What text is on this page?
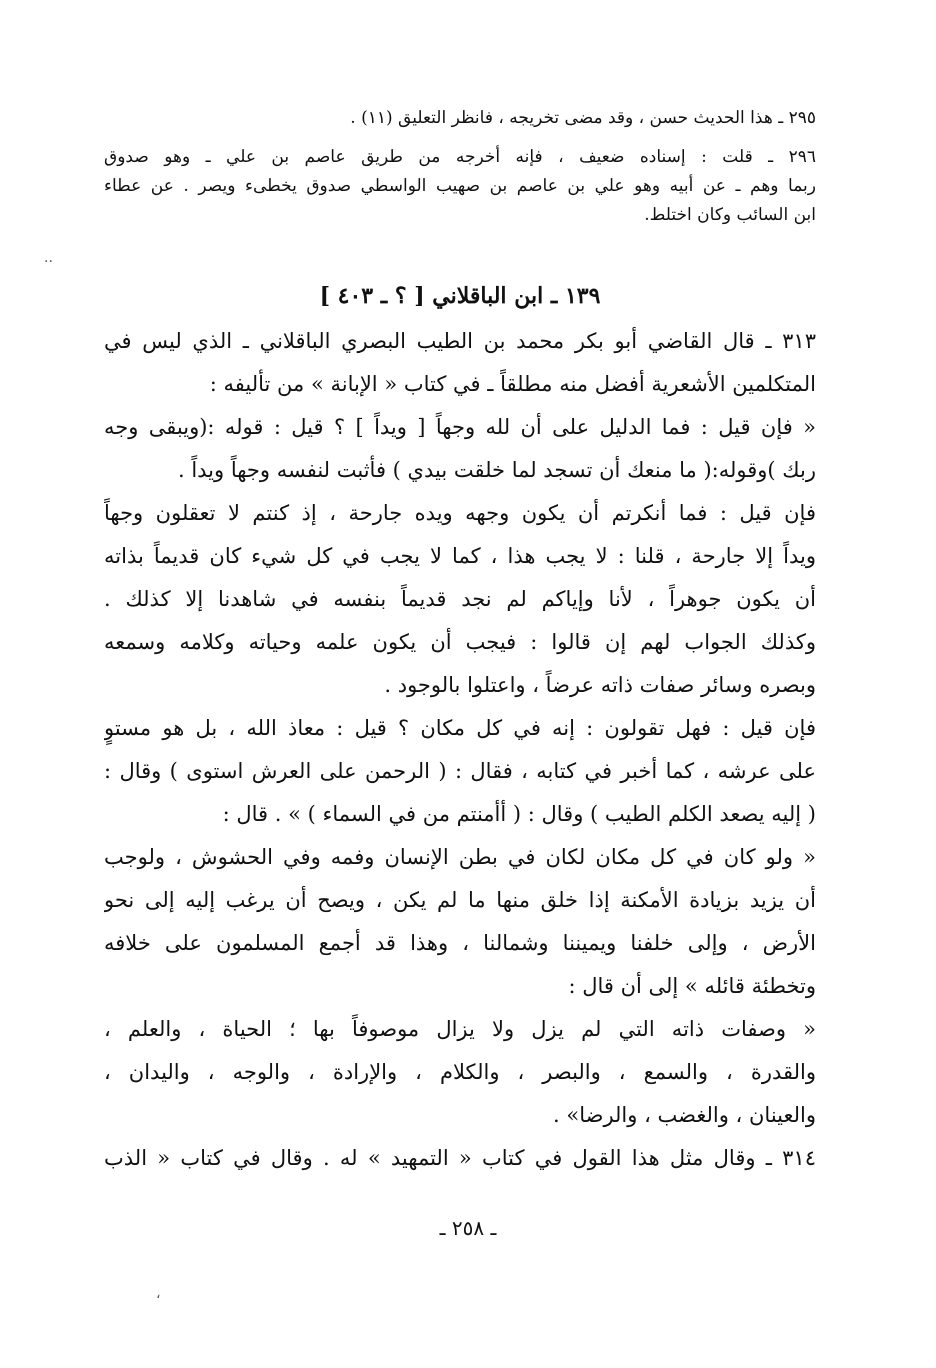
٢٩٥ ـ هذا الحديث حسن ، وقد مضى تخريجه ، فانظر التعليق (١١) .
٢٩٦ ـ قلت : إسناده ضعيف ، فإنه أخرجه من طريق عاصم بن علي ـ وهو صدوق
ربما وهم ـ عن أبيه وهو علي بن عاصم بن صهيب الواسطي صدوق يخطىء ويصر . عن عطاء
ابن السائب وكان اختلط.
١٣٩ ـ ابن الباقلاني [ ؟ ـ ٤٠٣ ]
٣١٣ ـ قال القاضي أبو بكر محمد بن الطيب البصري الباقلاني ـ الذي ليس في
المتكلمين الأشعرية أفضل منه مطلقاً ـ في كتاب « الإبانة » من تأليفه :
« فإن قيل : فما الدليل على أن لله وجهاً [ ويداً ] ؟ قيل : قوله :(ويبقى وجه
ربك )وقوله:( ما منعك أن تسجد لما خلقت بيدي ) فأثبت لنفسه وجهاً ويداً .
فإن قيل : فما أنكرتم أن يكون وجهه ويده جارحة ، إذ كنتم لا تعقلون وجهاً
ويداً إلا جارحة ، قلنا : لا يجب هذا ، كما لا يجب في كل شيء كان قديماً بذاته
أن يكون جوهراً ، لأنا وإياكم لم نجد قديماً بنفسه في شاهدنا إلا كذلك .
وكذلك الجواب لهم إن قالوا : فيجب أن يكون علمه وحياته وكلامه وسمعه
وبصره وسائر صفات ذاته عرضاً ، واعتلوا بالوجود .
فإن قيل : فهل تقولون : إنه في كل مكان ؟ قيل : معاذ الله ، بل هو مستوٍ
على عرشه ، كما أخبر في كتابه ، فقال : ( الرحمن على العرش استوى ) وقال :
( إليه يصعد الكلم الطيب ) وقال : ( أأمنتم من في السماء ) » . قال :
« ولو كان في كل مكان لكان في بطن الإنسان وفمه وفي الحشوش ، ولوجب
أن يزيد بزيادة الأمكنة إذا خلق منها ما لم يكن ، ويصح أن يرغب إليه إلى نحو
الأرض ، وإلى خلفنا ويميننا وشمالنا ، وهذا قد أجمع المسلمون على خلافه
وتخطئة قائله » إلى أن قال :
« وصفات ذاته التي لم يزل ولا يزال موصوفاً بها ؛ الحياة ، والعلم ،
والقدرة ، والسمع ، والبصر ، والكلام ، والإرادة ، والوجه ، واليدان ،
والعينان ، والغضب ، والرضا» .
٣١٤ ـ وقال مثل هذا القول في كتاب « التمهيد » له . وقال في كتاب « الذب
ـ ٢٥٨ ـ
··
،
